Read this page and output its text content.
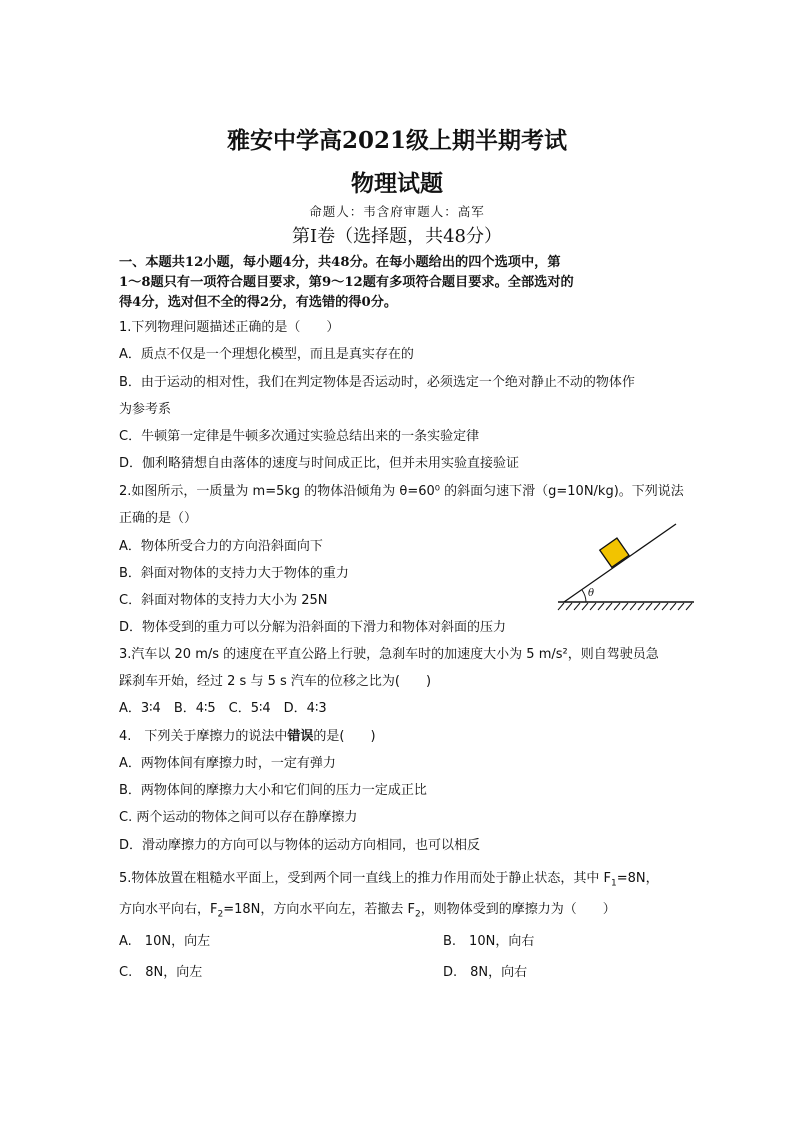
雅安中学高2021级上期半期考试
物理试题
命题人：韦含府审题人：高军
第Ⅰ卷（选择题，共48分）
一、本题共12小题，每小题4分，共48分。在每小题给出的四个选项中，第
1～8题只有一项符合题目要求，第9～12题有多项符合题目要求。全部选对的
得4分，选对但不全的得2分，有选错的得0分。
1.下列物理问题描述正确的是（　　）
A．质点不仅是一个理想化模型，而且是真实存在的
B．由于运动的相对性，我们在判定物体是否运动时，必须选定一个绝对静止不动的物体作
为参考系
C．牛顿第一定律是牛顿多次通过实验总结出来的一条实验定律
D．伽利略猜想自由落体的速度与时间成正比，但并未用实验直接验证
2.如图所示，一质量为 m=5kg 的物体沿倾角为 θ=60⁰ 的斜面匀速下滑（g=10N/kg)。下列说法
正确的是（）
A．物体所受合力的方向沿斜面向下
B．斜面对物体的支持力大于物体的重力
C．斜面对物体的支持力大小为 25N
D．物体受到的重力可以分解为沿斜面的下滑力和物体对斜面的压力
θ
3.汽车以 20 m/s 的速度在平直公路上行驶，急刹车时的加速度大小为 5 m/s²，则自驾驶员急
踩刹车开始，经过 2 s 与 5 s 汽车的位移之比为(　　)
A．3∶4　B．4∶5　C．5∶4　D．4∶3
4.　下列关于摩擦力的说法中错误的是(　　)
A．两物体间有摩擦力时，一定有弹力
B．两物体间的摩擦力大小和它们间的压力一定成正比
C. 两个运动的物体之间可以存在静摩擦力
D．滑动摩擦力的方向可以与物体的运动方向相同，也可以相反
5.物体放置在粗糙水平面上，受到两个同一直线上的推力作用而处于静止状态，其中 $F_1=8N$，
方向水平向右，$F_2=18N$，方向水平向左，若撤去 $F_2$，则物体受到的摩擦力为（　　）
A.　10N，向左	B.　10N，向右
C.　8N，向左	D.　8N，向右
